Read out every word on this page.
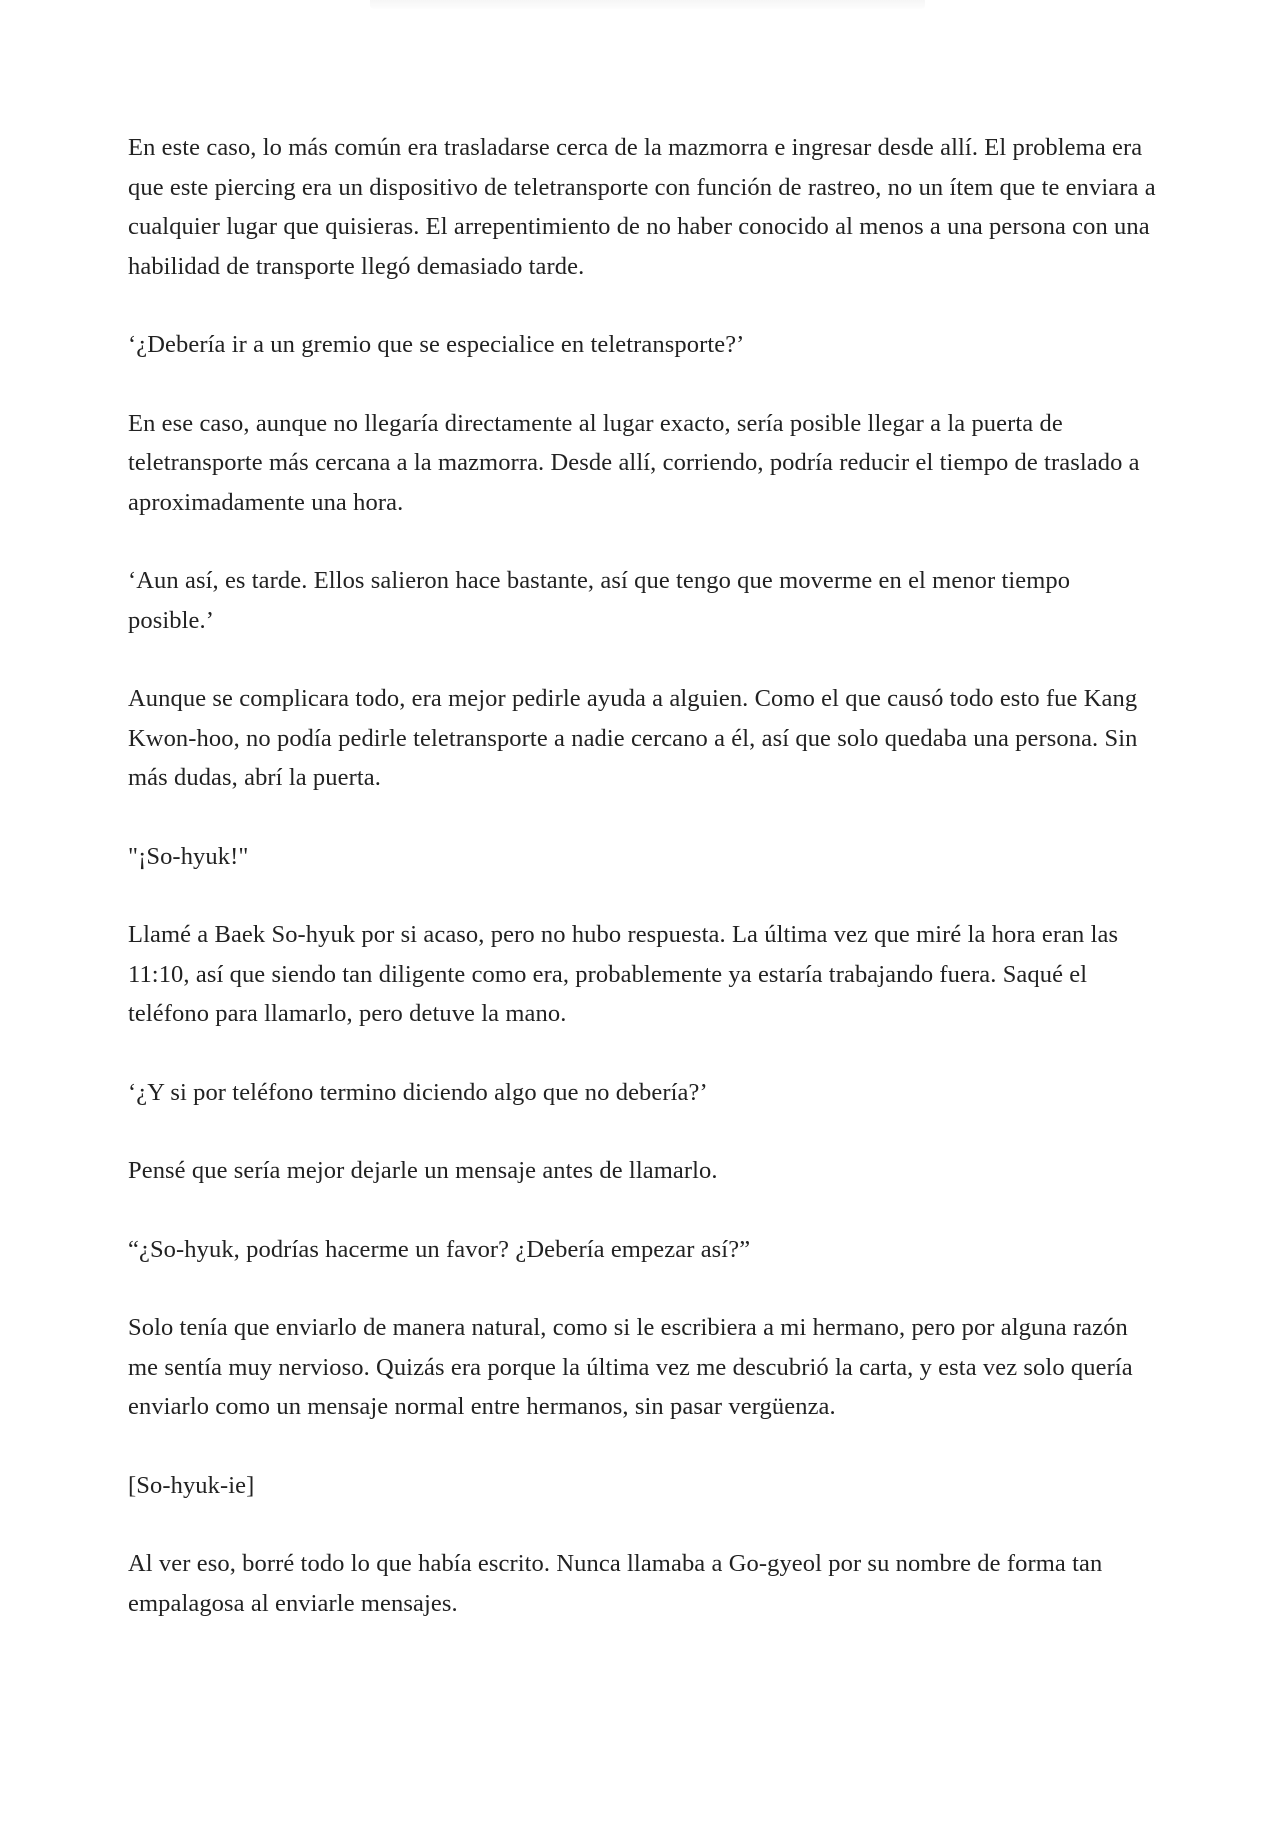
En este caso, lo más común era trasladarse cerca de la mazmorra e ingresar desde allí. El problema era que este piercing era un dispositivo de teletransporte con función de rastreo, no un ítem que te enviara a cualquier lugar que quisieras. El arrepentimiento de no haber conocido al menos a una persona con una habilidad de transporte llegó demasiado tarde.

‘¿Debería ir a un gremio que se especialice en teletransporte?’

En ese caso, aunque no llegaría directamente al lugar exacto, sería posible llegar a la puerta de teletransporte más cercana a la mazmorra. Desde allí, corriendo, podría reducir el tiempo de traslado a aproximadamente una hora.

‘Aun así, es tarde. Ellos salieron hace bastante, así que tengo que moverme en el menor tiempo posible.’

Aunque se complicara todo, era mejor pedirle ayuda a alguien. Como el que causó todo esto fue Kang Kwon-hoo, no podía pedirle teletransporte a nadie cercano a él, así que solo quedaba una persona. Sin más dudas, abrí la puerta.

"¡So-hyuk!"

Llamé a Baek So-hyuk por si acaso, pero no hubo respuesta. La última vez que miré la hora eran las 11:10, así que siendo tan diligente como era, probablemente ya estaría trabajando fuera. Saqué el teléfono para llamarlo, pero detuve la mano.

‘¿Y si por teléfono termino diciendo algo que no debería?’

Pensé que sería mejor dejarle un mensaje antes de llamarlo.

“¿So-hyuk, podrías hacerme un favor? ¿Debería empezar así?”

Solo tenía que enviarlo de manera natural, como si le escribiera a mi hermano, pero por alguna razón me sentía muy nervioso. Quizás era porque la última vez me descubrió la carta, y esta vez solo quería enviarlo como un mensaje normal entre hermanos, sin pasar vergüenza.

[So-hyuk-ie]

Al ver eso, borré todo lo que había escrito. Nunca llamaba a Go-gyeol por su nombre de forma tan empalagosa al enviarle mensajes.
